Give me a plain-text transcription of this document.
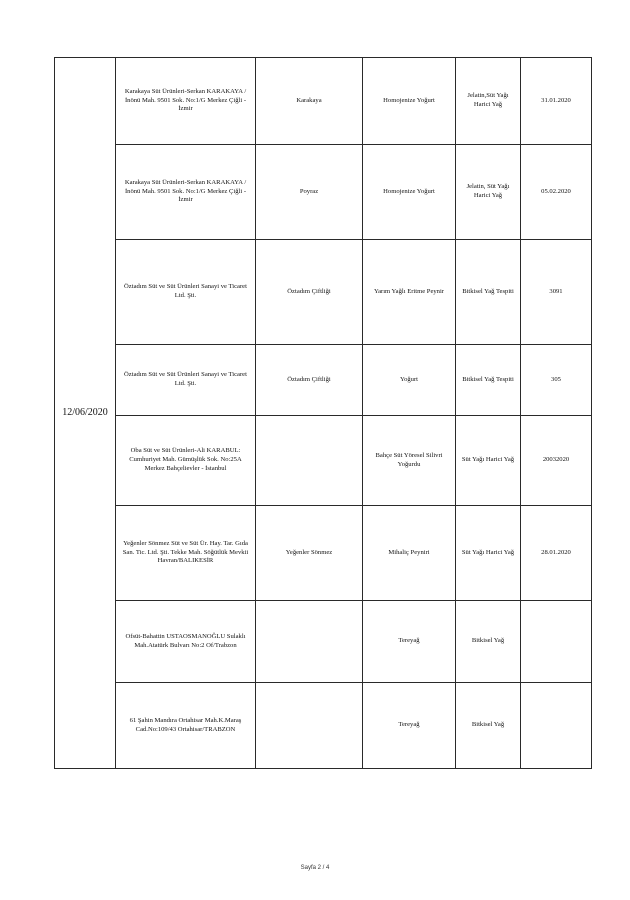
12/06/2020	Karakaya Süt Ürünleri-Serkan KARAKAYA / İnönü Mah. 9501 Sok. No:1/G Merkez Çiğli - İzmir	Karakaya	Homojenize Yoğurt	Jelatin,Süt Yağı Harici Yağ	31.01.2020
	Karakaya Süt Ürünleri-Serkan KARAKAYA / İnönü Mah. 9501 Sok. No:1/G Merkez Çiğli - İzmir	Poyraz	Homojenize Yoğurt	Jelatin, Süt Yağı Harici Yağ	05.02.2020
	Öztadım Süt ve Süt Ürünleri Sanayi ve Ticaret Ltd. Şti.	Öztadım Çiftliği	Yarım Yağlı Eritme Peynir	Bitkisel Yağ Tespiti	3091
	Öztadım Süt ve Süt Ürünleri Sanayi ve Ticaret Ltd. Şti.	Öztadım Çiftliği	Yoğurt	Bitkisel Yağ Tespiti	305
	Oba Süt ve Süt Ürünleri-Ali KARABUL: Cumhuriyet Mah. Gümüşlük Sok. No:25A Merkez Bahçelievler - İstanbul		Bahçe Süt Yöresel Silivri Yoğurdu	Süt Yağı Harici Yağ	20032020
	Yeğenler Sönmez Süt ve Süt Ür. Hay. Tar. Gıda San. Tic. Ltd. Şti. Tekke Mah. Söğütlük Mevkii Havran/BALIKESİR	Yeğenler Sönmez	Mihaliç Peyniri	Süt Yağı Harici Yağ	28.01.2020
	Ofsüt-Bahattin USTAOSMANOĞLU Sulaklı Mah.Atatürk Bulvarı No:2 Of/Trabzon		Tereyağ	Bitkisel Yağ	
	61 Şahin Mandıra Ortahisar Mah.K.Maraş Cad.No:109/43 Ortahisar/TRABZON		Tereyağ	Bitkisel Yağ	
Sayfa 2 / 4
